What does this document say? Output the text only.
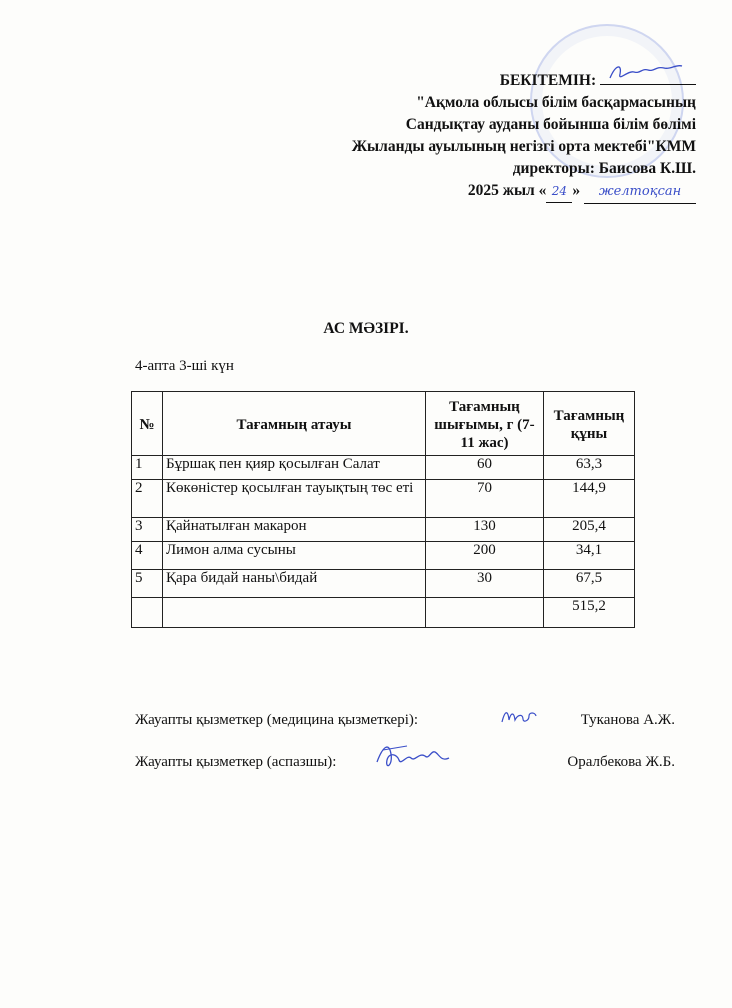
БЕКІТЕМІН:
"Ақмола облысы білім басқармасының
Сандықтау ауданы бойынша білім бөлімі
Жыланды ауылының негізгі орта мектебі"КММ
директоры: Баисова К.Ш.
2025 жыл « 24 » желтоқсан
АС МӘЗІРІ.
4-апта 3-ші күн
№	Тағамның атауы	Тағамның шығымы, г (7-11 жас)	Тағамның құны
1	Бұршақ пен қияр қосылған Салат	60	63,3
2	Көкөністер қосылған тауықтың төс еті	70	144,9
3	Қайнатылған макарон	130	205,4
4	Лимон алма сусыны	200	34,1
5	Қара бидай наны\бидай	30	67,5
			515,2
Жауапты қызметкер (медицина қызметкері):	Туканова А.Ж.
Жауапты қызметкер (аспазшы):	Оралбекова Ж.Б.
